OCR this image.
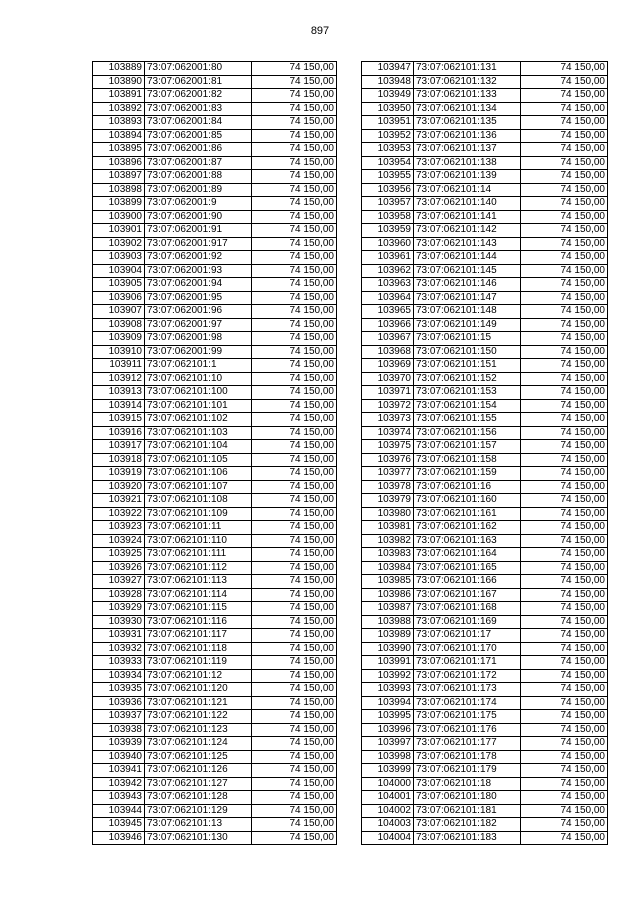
897
103889	73:07:062001:80	74 150,00
103890	73:07:062001:81	74 150,00
103891	73:07:062001:82	74 150,00
103892	73:07:062001:83	74 150,00
103893	73:07:062001:84	74 150,00
103894	73:07:062001:85	74 150,00
103895	73:07:062001:86	74 150,00
103896	73:07:062001:87	74 150,00
103897	73:07:062001:88	74 150,00
103898	73:07:062001:89	74 150,00
103899	73:07:062001:9	74 150,00
103900	73:07:062001:90	74 150,00
103901	73:07:062001:91	74 150,00
103902	73:07:062001:917	74 150,00
103903	73:07:062001:92	74 150,00
103904	73:07:062001:93	74 150,00
103905	73:07:062001:94	74 150,00
103906	73:07:062001:95	74 150,00
103907	73:07:062001:96	74 150,00
103908	73:07:062001:97	74 150,00
103909	73:07:062001:98	74 150,00
103910	73:07:062001:99	74 150,00
103911	73:07:062101:1	74 150,00
103912	73:07:062101:10	74 150,00
103913	73:07:062101:100	74 150,00
103914	73:07:062101:101	74 150,00
103915	73:07:062101:102	74 150,00
103916	73:07:062101:103	74 150,00
103917	73:07:062101:104	74 150,00
103918	73:07:062101:105	74 150,00
103919	73:07:062101:106	74 150,00
103920	73:07:062101:107	74 150,00
103921	73:07:062101:108	74 150,00
103922	73:07:062101:109	74 150,00
103923	73:07:062101:11	74 150,00
103924	73:07:062101:110	74 150,00
103925	73:07:062101:111	74 150,00
103926	73:07:062101:112	74 150,00
103927	73:07:062101:113	74 150,00
103928	73:07:062101:114	74 150,00
103929	73:07:062101:115	74 150,00
103930	73:07:062101:116	74 150,00
103931	73:07:062101:117	74 150,00
103932	73:07:062101:118	74 150,00
103933	73:07:062101:119	74 150,00
103934	73:07:062101:12	74 150,00
103935	73:07:062101:120	74 150,00
103936	73:07:062101:121	74 150,00
103937	73:07:062101:122	74 150,00
103938	73:07:062101:123	74 150,00
103939	73:07:062101:124	74 150,00
103940	73:07:062101:125	74 150,00
103941	73:07:062101:126	74 150,00
103942	73:07:062101:127	74 150,00
103943	73:07:062101:128	74 150,00
103944	73:07:062101:129	74 150,00
103945	73:07:062101:13	74 150,00
103946	73:07:062101:130	74 150,00
103947	73:07:062101:131	74 150,00
103948	73:07:062101:132	74 150,00
103949	73:07:062101:133	74 150,00
103950	73:07:062101:134	74 150,00
103951	73:07:062101:135	74 150,00
103952	73:07:062101:136	74 150,00
103953	73:07:062101:137	74 150,00
103954	73:07:062101:138	74 150,00
103955	73:07:062101:139	74 150,00
103956	73:07:062101:14	74 150,00
103957	73:07:062101:140	74 150,00
103958	73:07:062101:141	74 150,00
103959	73:07:062101:142	74 150,00
103960	73:07:062101:143	74 150,00
103961	73:07:062101:144	74 150,00
103962	73:07:062101:145	74 150,00
103963	73:07:062101:146	74 150,00
103964	73:07:062101:147	74 150,00
103965	73:07:062101:148	74 150,00
103966	73:07:062101:149	74 150,00
103967	73:07:062101:15	74 150,00
103968	73:07:062101:150	74 150,00
103969	73:07:062101:151	74 150,00
103970	73:07:062101:152	74 150,00
103971	73:07:062101:153	74 150,00
103972	73:07:062101:154	74 150,00
103973	73:07:062101:155	74 150,00
103974	73:07:062101:156	74 150,00
103975	73:07:062101:157	74 150,00
103976	73:07:062101:158	74 150,00
103977	73:07:062101:159	74 150,00
103978	73:07:062101:16	74 150,00
103979	73:07:062101:160	74 150,00
103980	73:07:062101:161	74 150,00
103981	73:07:062101:162	74 150,00
103982	73:07:062101:163	74 150,00
103983	73:07:062101:164	74 150,00
103984	73:07:062101:165	74 150,00
103985	73:07:062101:166	74 150,00
103986	73:07:062101:167	74 150,00
103987	73:07:062101:168	74 150,00
103988	73:07:062101:169	74 150,00
103989	73:07:062101:17	74 150,00
103990	73:07:062101:170	74 150,00
103991	73:07:062101:171	74 150,00
103992	73:07:062101:172	74 150,00
103993	73:07:062101:173	74 150,00
103994	73:07:062101:174	74 150,00
103995	73:07:062101:175	74 150,00
103996	73:07:062101:176	74 150,00
103997	73:07:062101:177	74 150,00
103998	73:07:062101:178	74 150,00
103999	73:07:062101:179	74 150,00
104000	73:07:062101:18	74 150,00
104001	73:07:062101:180	74 150,00
104002	73:07:062101:181	74 150,00
104003	73:07:062101:182	74 150,00
104004	73:07:062101:183	74 150,00
